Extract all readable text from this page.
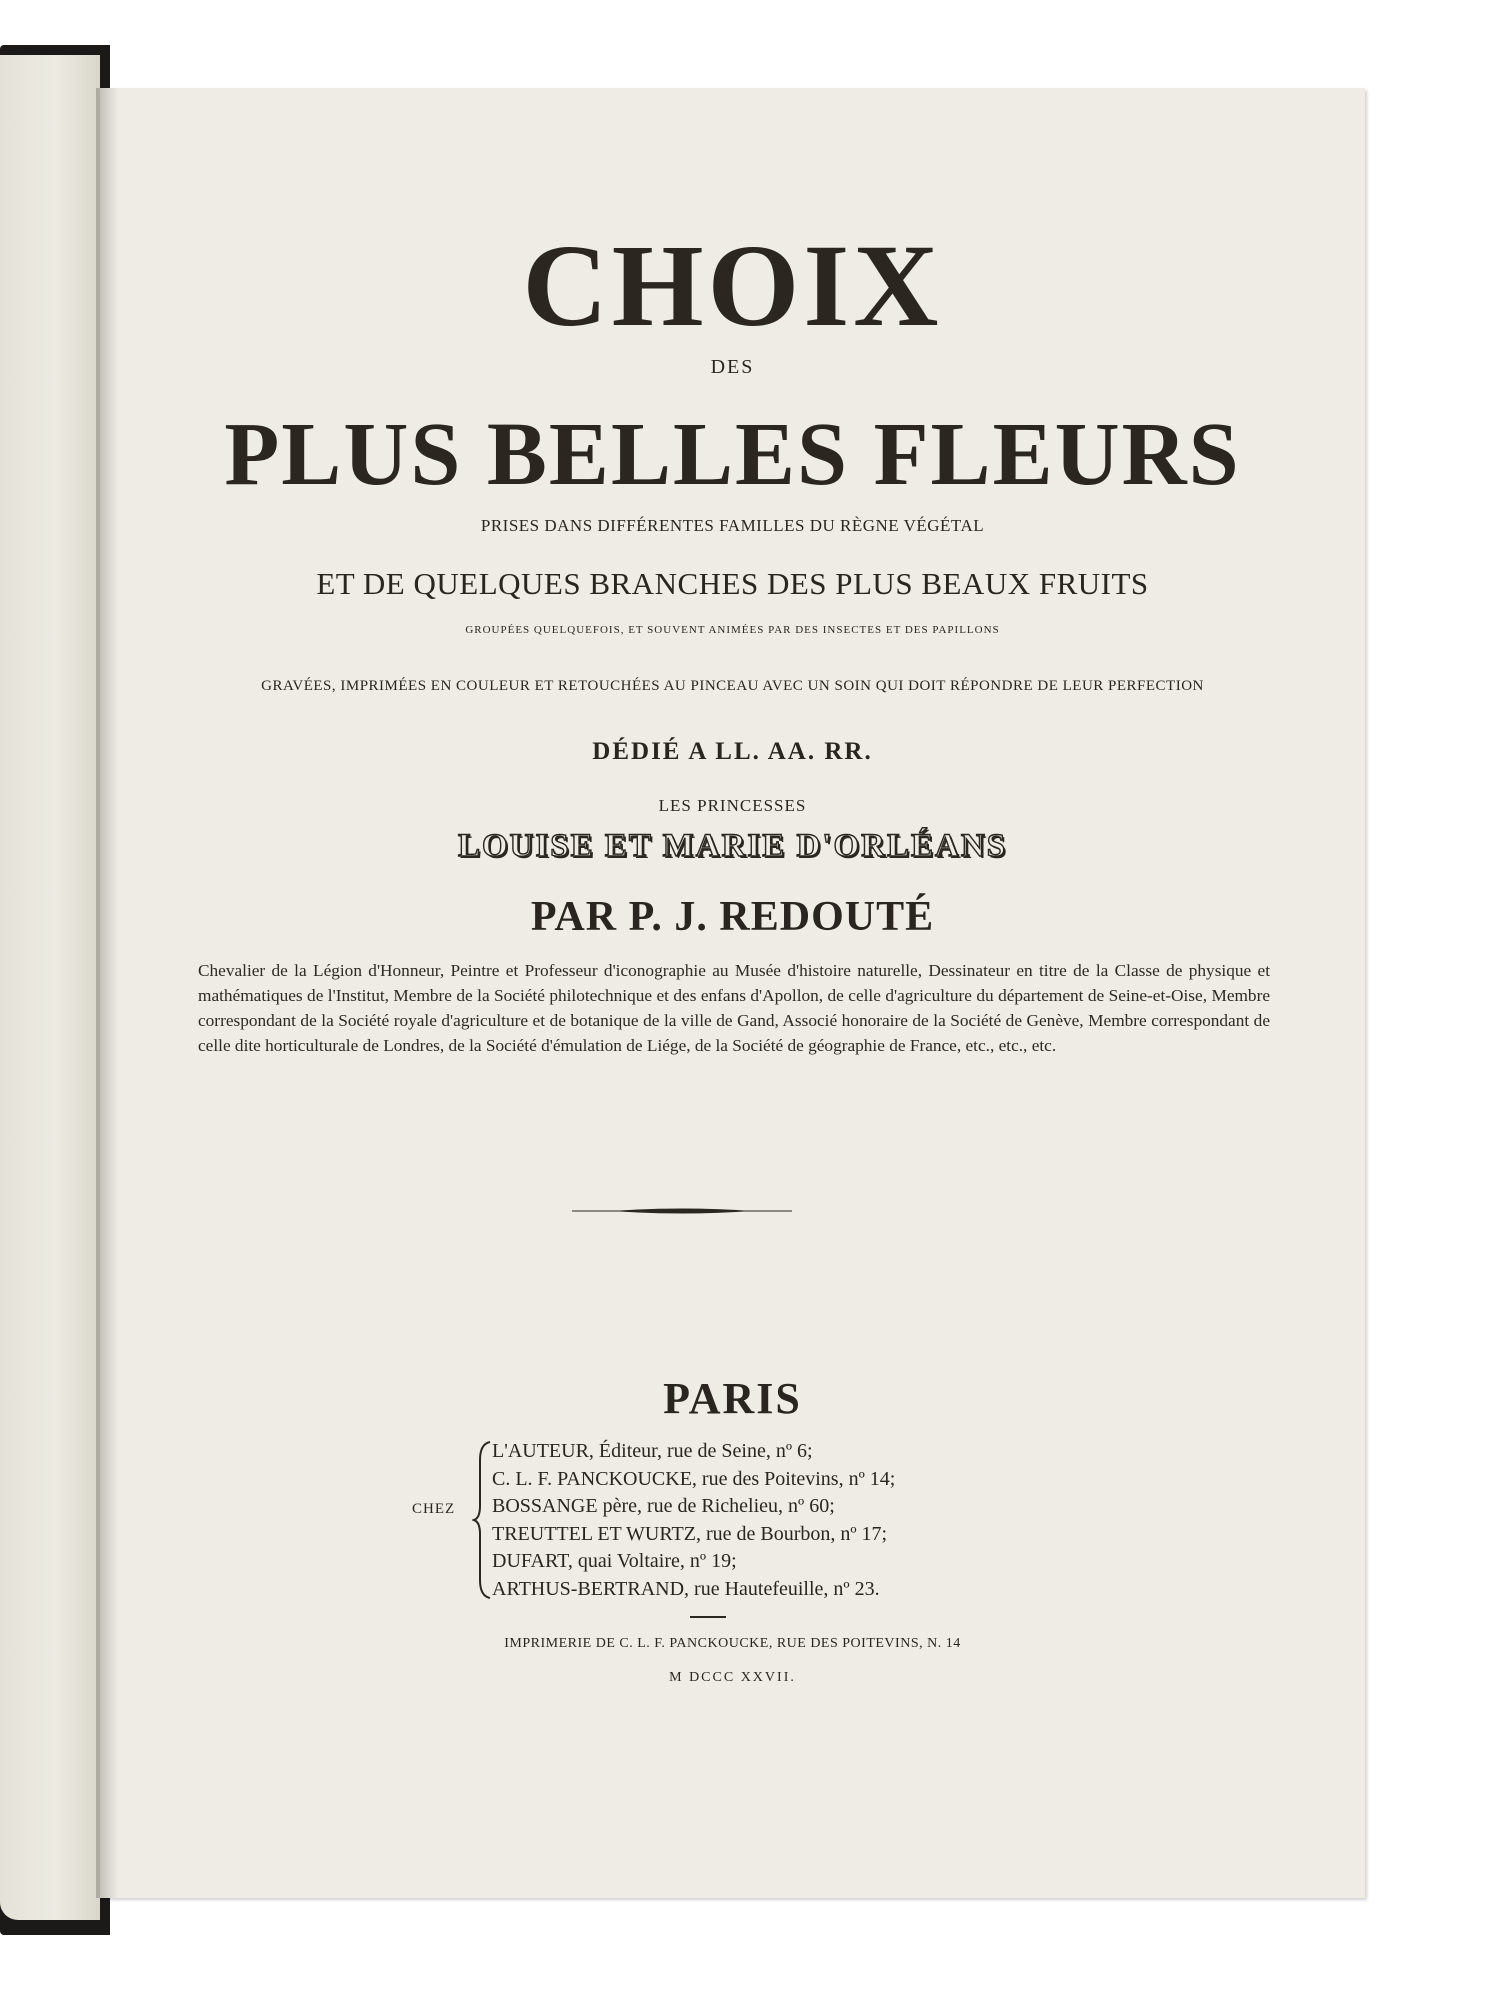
CHOIX
DES
PLUS BELLES FLEURS
PRISES DANS DIFFÉRENTES FAMILLES DU RÈGNE VÉGÉTAL
ET DE QUELQUES BRANCHES DES PLUS BEAUX FRUITS
GROUPÉES QUELQUEFOIS, ET SOUVENT ANIMÉES PAR DES INSECTES ET DES PAPILLONS
GRAVÉES, IMPRIMÉES EN COULEUR ET RETOUCHÉES AU PINCEAU AVEC UN SOIN QUI DOIT RÉPONDRE DE LEUR PERFECTION
DÉDIÉ A LL. AA. RR.
LES PRINCESSES
LOUISE ET MARIE D'ORLÉANS
PAR P. J. REDOUTÉ
Chevalier de la Légion d'Honneur, Peintre et Professeur d'iconographie au Musée d'histoire naturelle, Dessinateur en titre de la Classe de physique et mathématiques de l'Institut, Membre de la Société philotechnique et des enfans d'Apollon, de celle d'agriculture du département de Seine-et-Oise, Membre correspondant de la Société royale d'agriculture et de botanique de la ville de Gand, Associé honoraire de la Société de Genève, Membre correspondant de celle dite horticulturale de Londres, de la Société d'émulation de Liége, de la Société de géographie de France, etc., etc., etc.
PARIS
CHEZ
L'AUTEUR, Éditeur, rue de Seine, nº 6;
C. L. F. PANCKOUCKE, rue des Poitevins, nº 14;
BOSSANGE père, rue de Richelieu, nº 60;
TREUTTEL ET WURTZ, rue de Bourbon, nº 17;
DUFART, quai Voltaire, nº 19;
ARTHUS-BERTRAND, rue Hautefeuille, nº 23.
IMPRIMERIE DE C. L. F. PANCKOUCKE, RUE DES POITEVINS, N. 14
M DCCC XXVII.
